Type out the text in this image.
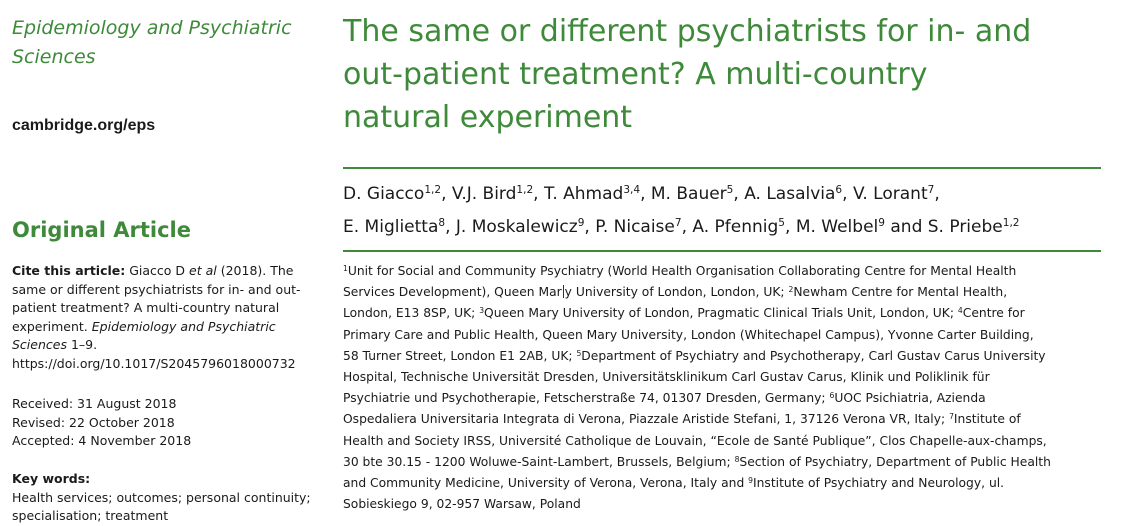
Epidemiology and Psychiatric
Sciences
cambridge.org/eps
Original Article
Cite this article: Giacco D et al (2018). The same or different psychiatrists for in- and out-patient treatment? A multi-country natural experiment. Epidemiology and Psychiatric Sciences 1–9. https://doi.org/10.1017/S2045796018000732
Received: 31 August 2018
Revised: 22 October 2018
Accepted: 4 November 2018
Key words:
Health services; outcomes; personal continuity; specialisation; treatment
The same or different psychiatrists for in- and
out-patient treatment? A multi-country
natural experiment
D. Giacco$^{1,2}$, V.J. Bird$^{1,2}$, T. Ahmad$^{3,4}$, M. Bauer$^5$, A. Lasalvia$^6$, V. Lorant$^7$,
E. Miglietta$^8$, J. Moskalewicz$^9$, P. Nicaise$^7$, A. Pfennig$^5$, M. Welbel$^9$ and S. Priebe$^{1,2}$
$^1$Unit for Social and Community Psychiatry (World Health Organisation Collaborating Centre for Mental Health
Services Development), Queen Mar y University of London, London, UK; $^2$Newham Centre for Mental Health,
London, E13 8SP, UK; $^3$Queen Mary University of London, Pragmatic Clinical Trials Unit, London, UK; $^4$Centre for
Primary Care and Public Health, Queen Mary University, London (Whitechapel Campus), Yvonne Carter Building,
58 Turner Street, London E1 2AB, UK; $^5$Department of Psychiatry and Psychotherapy, Carl Gustav Carus University
Hospital, Technische Universität Dresden, Universitätsklinikum Carl Gustav Carus, Klinik und Poliklinik für
Psychiatrie und Psychotherapie, Fetscherstraße 74, 01307 Dresden, Germany; $^6$UOC Psichiatria, Azienda
Ospedaliera Universitaria Integrata di Verona, Piazzale Aristide Stefani, 1, 37126 Verona VR, Italy; $^7$Institute of
Health and Society IRSS, Université Catholique de Louvain, “Ecole de Santé Publique”, Clos Chapelle-aux-champs,
30 bte 30.15 - 1200 Woluwe-Saint-Lambert, Brussels, Belgium; $^8$Section of Psychiatry, Department of Public Health
and Community Medicine, University of Verona, Verona, Italy and $^9$Institute of Psychiatry and Neurology, ul.
Sobieskiego 9, 02-957 Warsaw, Poland
